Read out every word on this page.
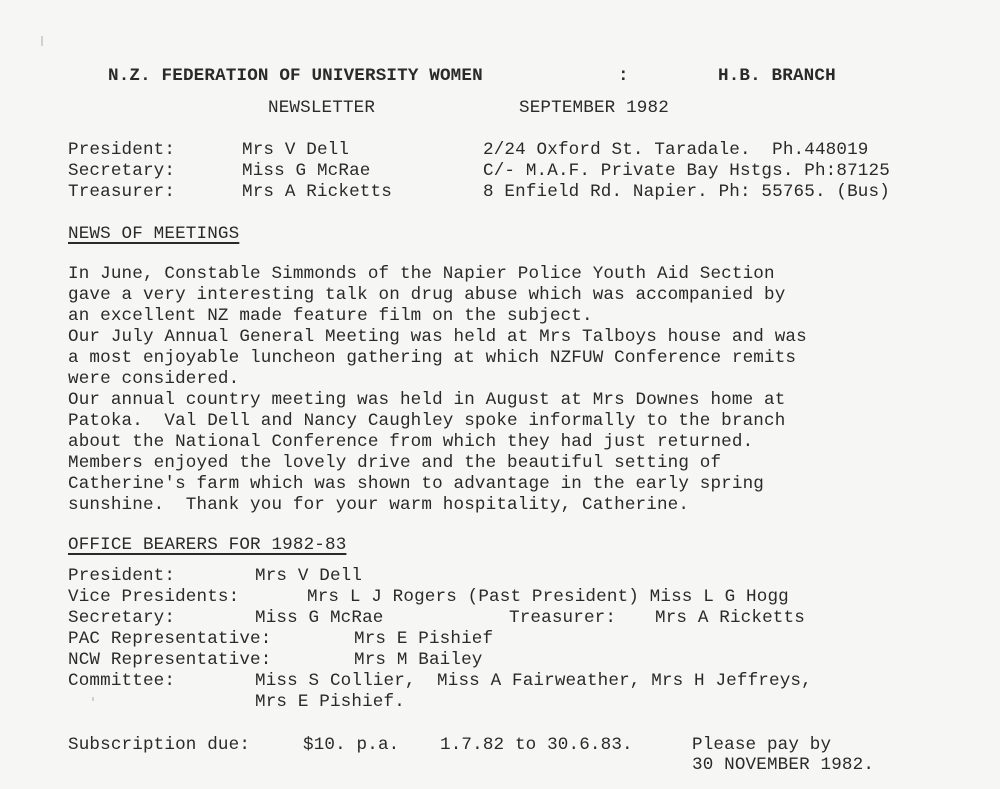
N.Z. FEDERATION OF UNIVERSITY WOMEN	:	H.B. BRANCH
NEWSLETTER	SEPTEMBER 1982
President:	Mrs V Dell	2/24 Oxford St. Taradale.  Ph.448019
Secretary:	Miss G McRae	C/- M.A.F. Private Bay Hstgs. Ph:87125
Treasurer:	Mrs A Ricketts	8 Enfield Rd. Napier. Ph: 55765. (Bus)
NEWS OF MEETINGS
In June, Constable Simmonds of the Napier Police Youth Aid Section
gave a very interesting talk on drug abuse which was accompanied by
an excellent NZ made feature film on the subject.
Our July Annual General Meeting was held at Mrs Talboys house and was
a most enjoyable luncheon gathering at which NZFUW Conference remits
were considered.
Our annual country meeting was held in August at Mrs Downes home at
Patoka.  Val Dell and Nancy Caughley spoke informally to the branch
about the National Conference from which they had just returned.
Members enjoyed the lovely drive and the beautiful setting of
Catherine's farm which was shown to advantage in the early spring
sunshine.  Thank you for your warm hospitality, Catherine.
OFFICE BEARERS FOR 1982-83
President:	Mrs V Dell
Vice Presidents:	Mrs L J Rogers (Past President) Miss L G Hogg
Secretary:	Miss G McRae	Treasurer: Mrs A Ricketts
PAC Representative:	Mrs E Pishief
NCW Representative:	Mrs M Bailey
Committee:	Miss S Collier,  Miss A Fairweather, Mrs H Jeffreys,
Mrs E Pishief.
Subscription due:	$10. p.a. 1.7.82 to 30.6.83.	Please pay by
30 NOVEMBER 1982.
